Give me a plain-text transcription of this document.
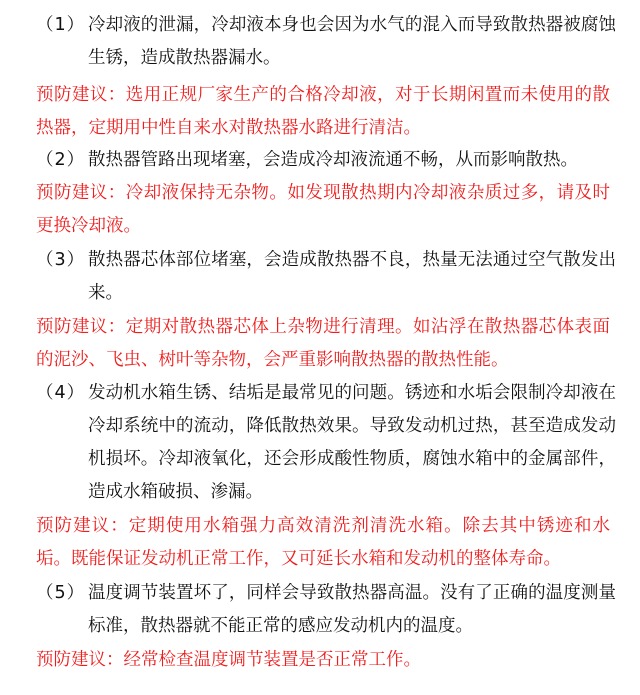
（1） 冷却液的泄漏，冷却液本身也会因为水气的混入而导致散热器被腐蚀生锈，造成散热器漏水。
预防建议：选用正规厂家生产的合格冷却液，对于长期闲置而未使用的散热器，定期用中性自来水对散热器水路进行清洁。
（2） 散热器管路出现堵塞，会造成冷却液流通不畅，从而影响散热。
预防建议：冷却液保持无杂物。如发现散热期内冷却液杂质过多，请及时更换冷却液。
（3） 散热器芯体部位堵塞，会造成散热器不良，热量无法通过空气散发出来。
预防建议：定期对散热器芯体上杂物进行清理。如沾浮在散热器芯体表面的泥沙、飞虫、树叶等杂物，会严重影响散热器的散热性能。
（4） 发动机水箱生锈、结垢是最常见的问题。锈迹和水垢会限制冷却液在冷却系统中的流动，降低散热效果。导致发动机过热，甚至造成发动机损坏。冷却液氧化，还会形成酸性物质，腐蚀水箱中的金属部件，造成水箱破损、渗漏。
预防建议：定期使用水箱强力高效清洗剂清洗水箱。除去其中锈迹和水垢。既能保证发动机正常工作，又可延长水箱和发动机的整体寿命。
（5） 温度调节装置坏了，同样会导致散热器高温。没有了正确的温度测量标准，散热器就不能正常的感应发动机内的温度。
预防建议：经常检查温度调节装置是否正常工作。
